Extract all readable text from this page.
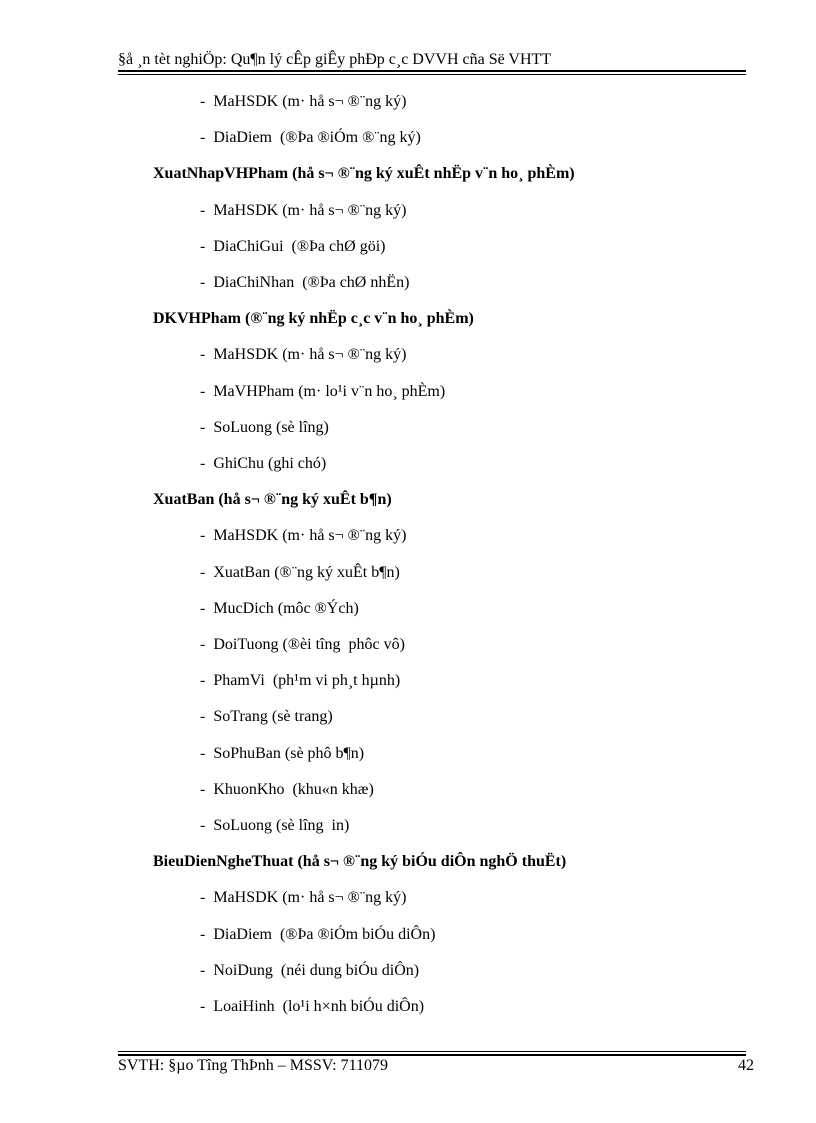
§å ¸n tèt nghiÖp: Qu¶n lý cÊp giÊy phÐp c¸c DVVH cña Së VHTT
- MaHSDK (m· hå s¬ ®¨ng ký)
- DiaDiem  (®Þa ®iÓm ®¨ng ký)
XuatNhapVHPham (hå s¬ ®¨ng ký xuÊt nhËp v¨n ho¸ phÈm)
- MaHSDK (m· hå s¬ ®¨ng ký)
- DiaChiGui  (®Þa chØ göi)
- DiaChiNhan  (®Þa chØ nhËn)
DKVHPham (®¨ng ký nhËp c¸c v¨n ho¸ phÈm)
- MaHSDK (m· hå s¬ ®¨ng ký)
- MaVHPham (m· lo¹i v¨n ho¸ phÈm)
- SoLuong (sè lîng)
- GhiChu (ghi chó)
XuatBan (hå s¬ ®¨ng ký xuÊt b¶n)
- MaHSDK (m· hå s¬ ®¨ng ký)
- XuatBan (®¨ng ký xuÊt b¶n)
- MucDich (môc ®Ých)
- DoiTuong (®èi tîng  phôc vô)
- PhamVi  (ph¹m vi ph¸t hµnh)
- SoTrang (sè trang)
- SoPhuBan (sè phô b¶n)
- KhuonKho  (khu«n khæ)
- SoLuong (sè lîng  in)
BieuDienNgheThuat (hå s¬ ®¨ng ký biÓu diÔn nghÖ thuËt)
- MaHSDK (m· hå s¬ ®¨ng ký)
- DiaDiem  (®Þa ®iÓm biÓu diÔn)
- NoiDung  (néi dung biÓu diÔn)
- LoaiHinh  (lo¹i h×nh biÓu diÔn)
SVTH: §µo Tîng ThÞnh – MSSV: 711079	42
